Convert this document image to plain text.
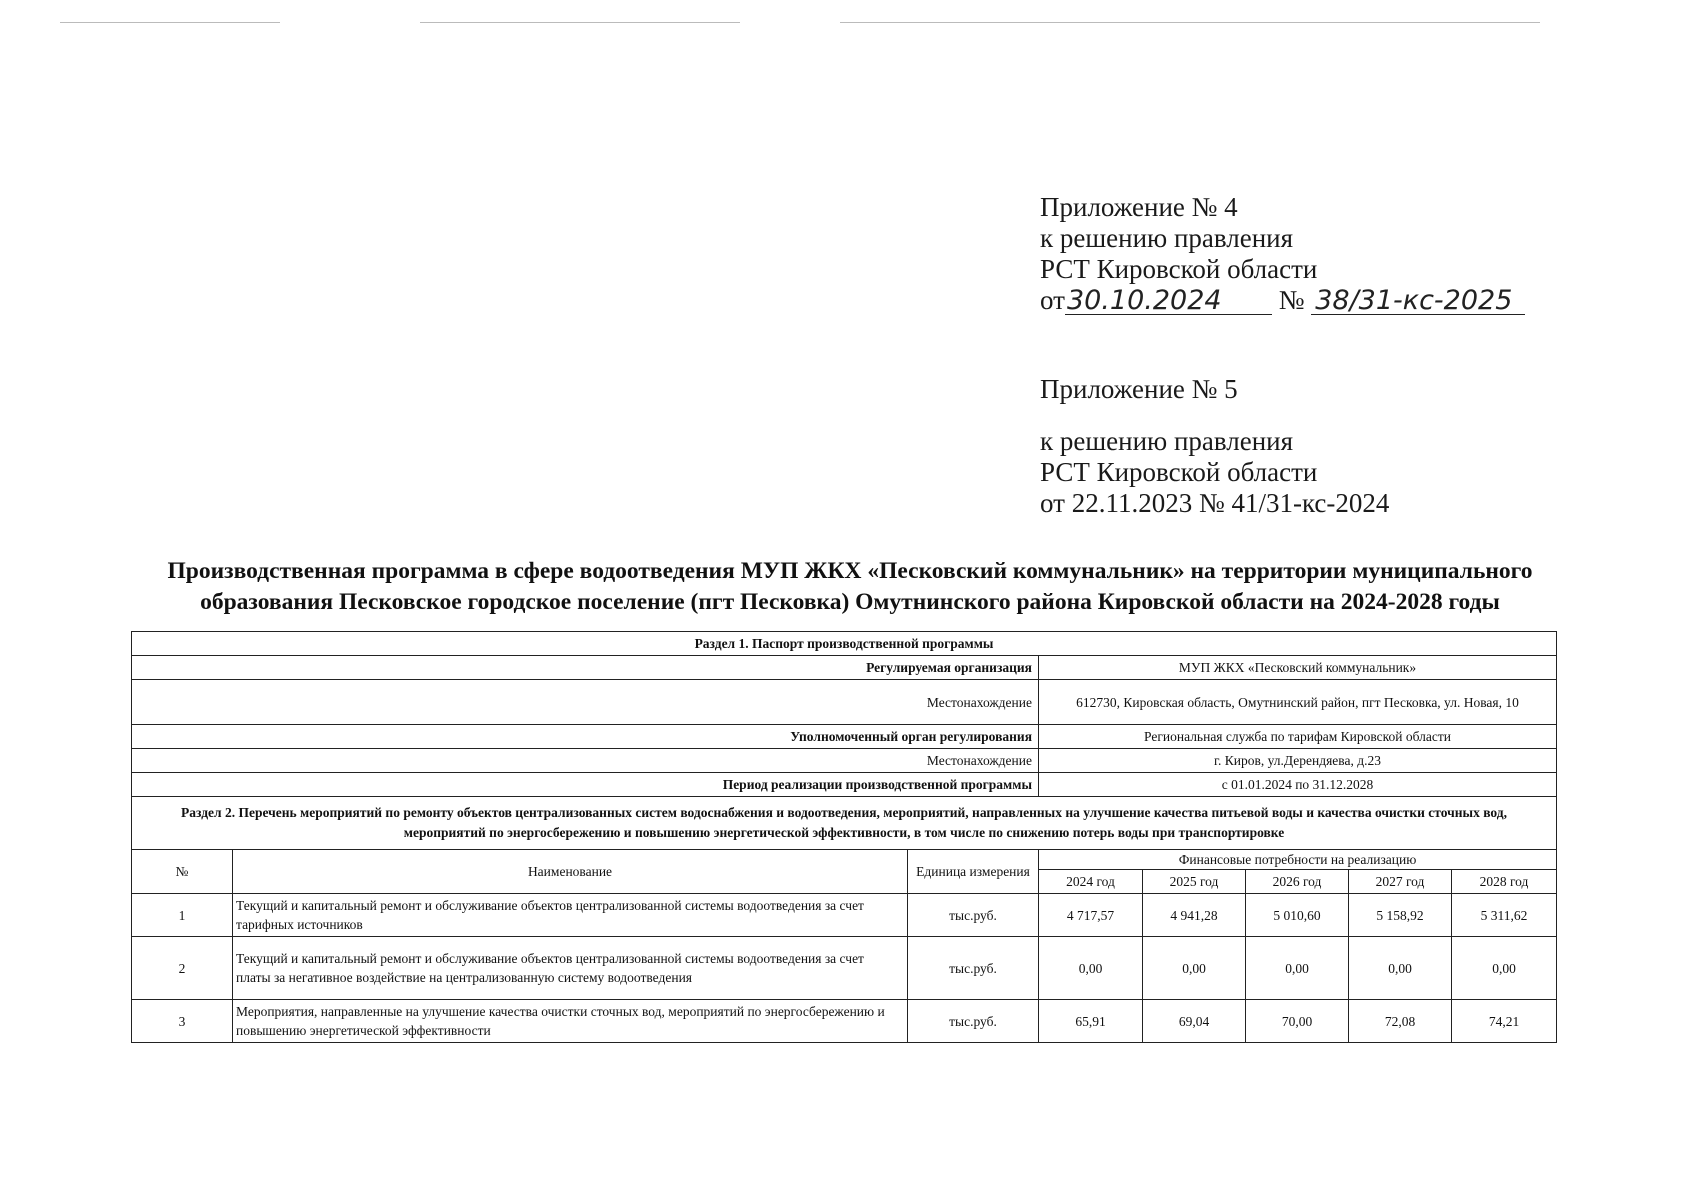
Приложение № 4
к решению правления
РСТ Кировской области
от30.10.2024 № 38/31-кс-2025
Приложение № 5
к решению правления
РСТ Кировской области
от 22.11.2023 № 41/31-кс-2024
Производственная программа в сфере водоотведения МУП ЖКХ «Песковский коммунальник» на территории муниципального
образования Песковское городское поселение (пгт Песковка) Омутнинского района Кировской области на 2024-2028 годы
Раздел 1. Паспорт производственной программы							
Регулируемая организация			МУП ЖКХ «Песковский коммунальник»				
Местонахождение			612730, Кировская область, Омутнинский район, пгт Песковка, ул. Новая, 10				
Уполномоченный орган регулирования			Региональная служба по тарифам Кировской области				
Местонахождение			г. Киров, ул.Дерендяева, д.23				
Период реализации производственной программы			с 01.01.2024 по 31.12.2028				
Раздел 2. Перечень мероприятий по ремонту объектов централизованных систем водоснабжения и водоотведения, мероприятий, направленных на улучшение качества питьевой воды и качества очистки сточных вод, мероприятий по энергосбережению и повышению энергетической эффективности, в том числе по снижению потерь воды при транспортировке							
№	Наименование	Единица измерения	Финансовые потребности на реализацию				
			2024 год	2025 год	2026 год	2027 год	2028 год
1	Текущий и капитальный ремонт и обслуживание объектов централизованной системы водоотведения за счет тарифных источников	тыс.руб.	4 717,57	4 941,28	5 010,60	5 158,92	5 311,62
2	Текущий и капитальный ремонт и обслуживание объектов централизованной системы водоотведения за счет платы за негативное воздействие на централизованную систему водоотведения	тыс.руб.	0,00	0,00	0,00	0,00	0,00
3	Мероприятия, направленные на улучшение качества очистки сточных вод, мероприятий по энергосбережению и повышению энергетической эффективности	тыс.руб.	65,91	69,04	70,00	72,08	74,21
